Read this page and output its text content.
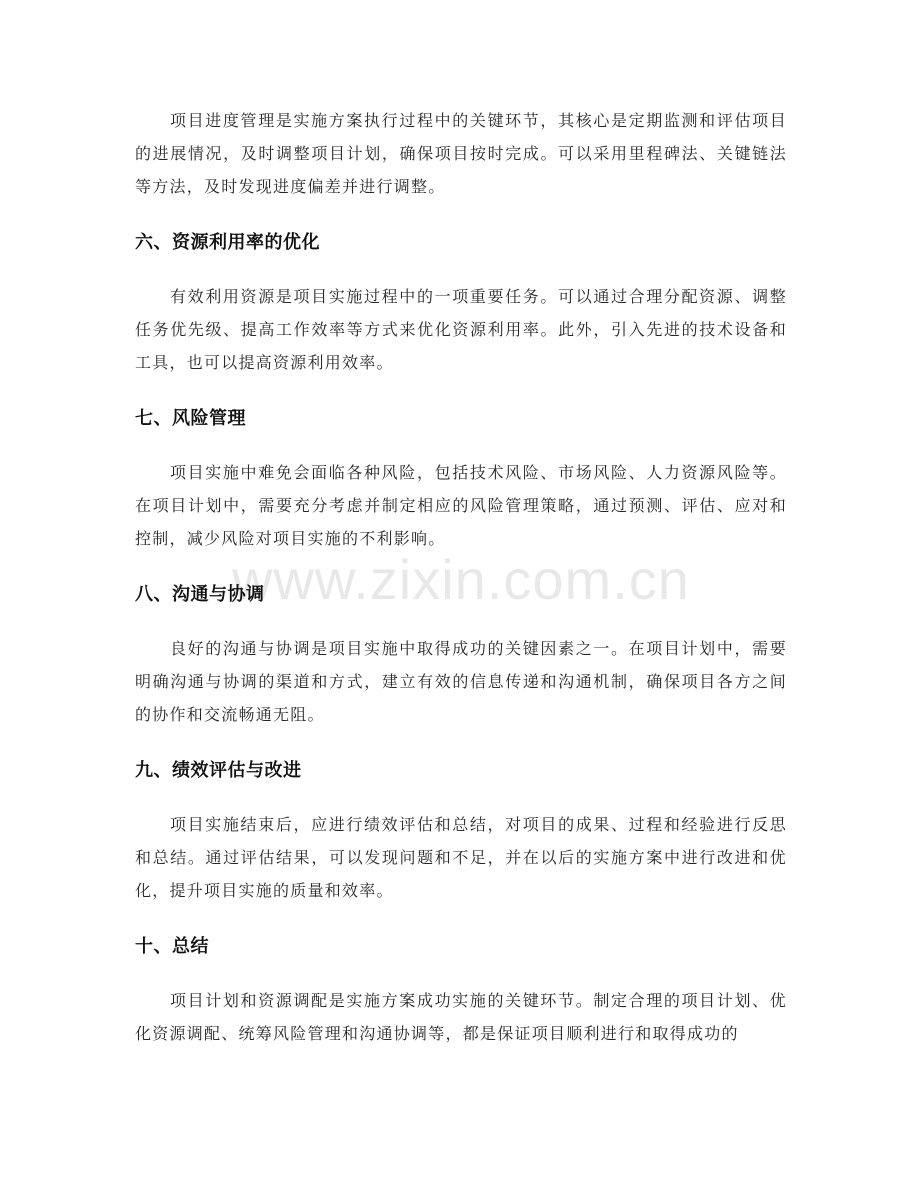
项目进度管理是实施方案执行过程中的关键环节，其核心是定期监测和评估项目的进展情况，及时调整项目计划，确保项目按时完成。可以采用里程碑法、关键链法等方法，及时发现进度偏差并进行调整。

六、资源利用率的优化

有效利用资源是项目实施过程中的一项重要任务。可以通过合理分配资源、调整任务优先级、提高工作效率等方式来优化资源利用率。此外，引入先进的技术设备和工具，也可以提高资源利用效率。

七、风险管理

项目实施中难免会面临各种风险，包括技术风险、市场风险、人力资源风险等。在项目计划中，需要充分考虑并制定相应的风险管理策略，通过预测、评估、应对和控制，减少风险对项目实施的不利影响。

八、沟通与协调

良好的沟通与协调是项目实施中取得成功的关键因素之一。在项目计划中，需要明确沟通与协调的渠道和方式，建立有效的信息传递和沟通机制，确保项目各方之间的协作和交流畅通无阻。

九、绩效评估与改进

项目实施结束后，应进行绩效评估和总结，对项目的成果、过程和经验进行反思和总结。通过评估结果，可以发现问题和不足，并在以后的实施方案中进行改进和优化，提升项目实施的质量和效率。

十、总结

项目计划和资源调配是实施方案成功实施的关键环节。制定合理的项目计划、优化资源调配、统筹风险管理和沟通协调等，都是保证项目顺利进行和取得成功的

www.zixin.com.cn
